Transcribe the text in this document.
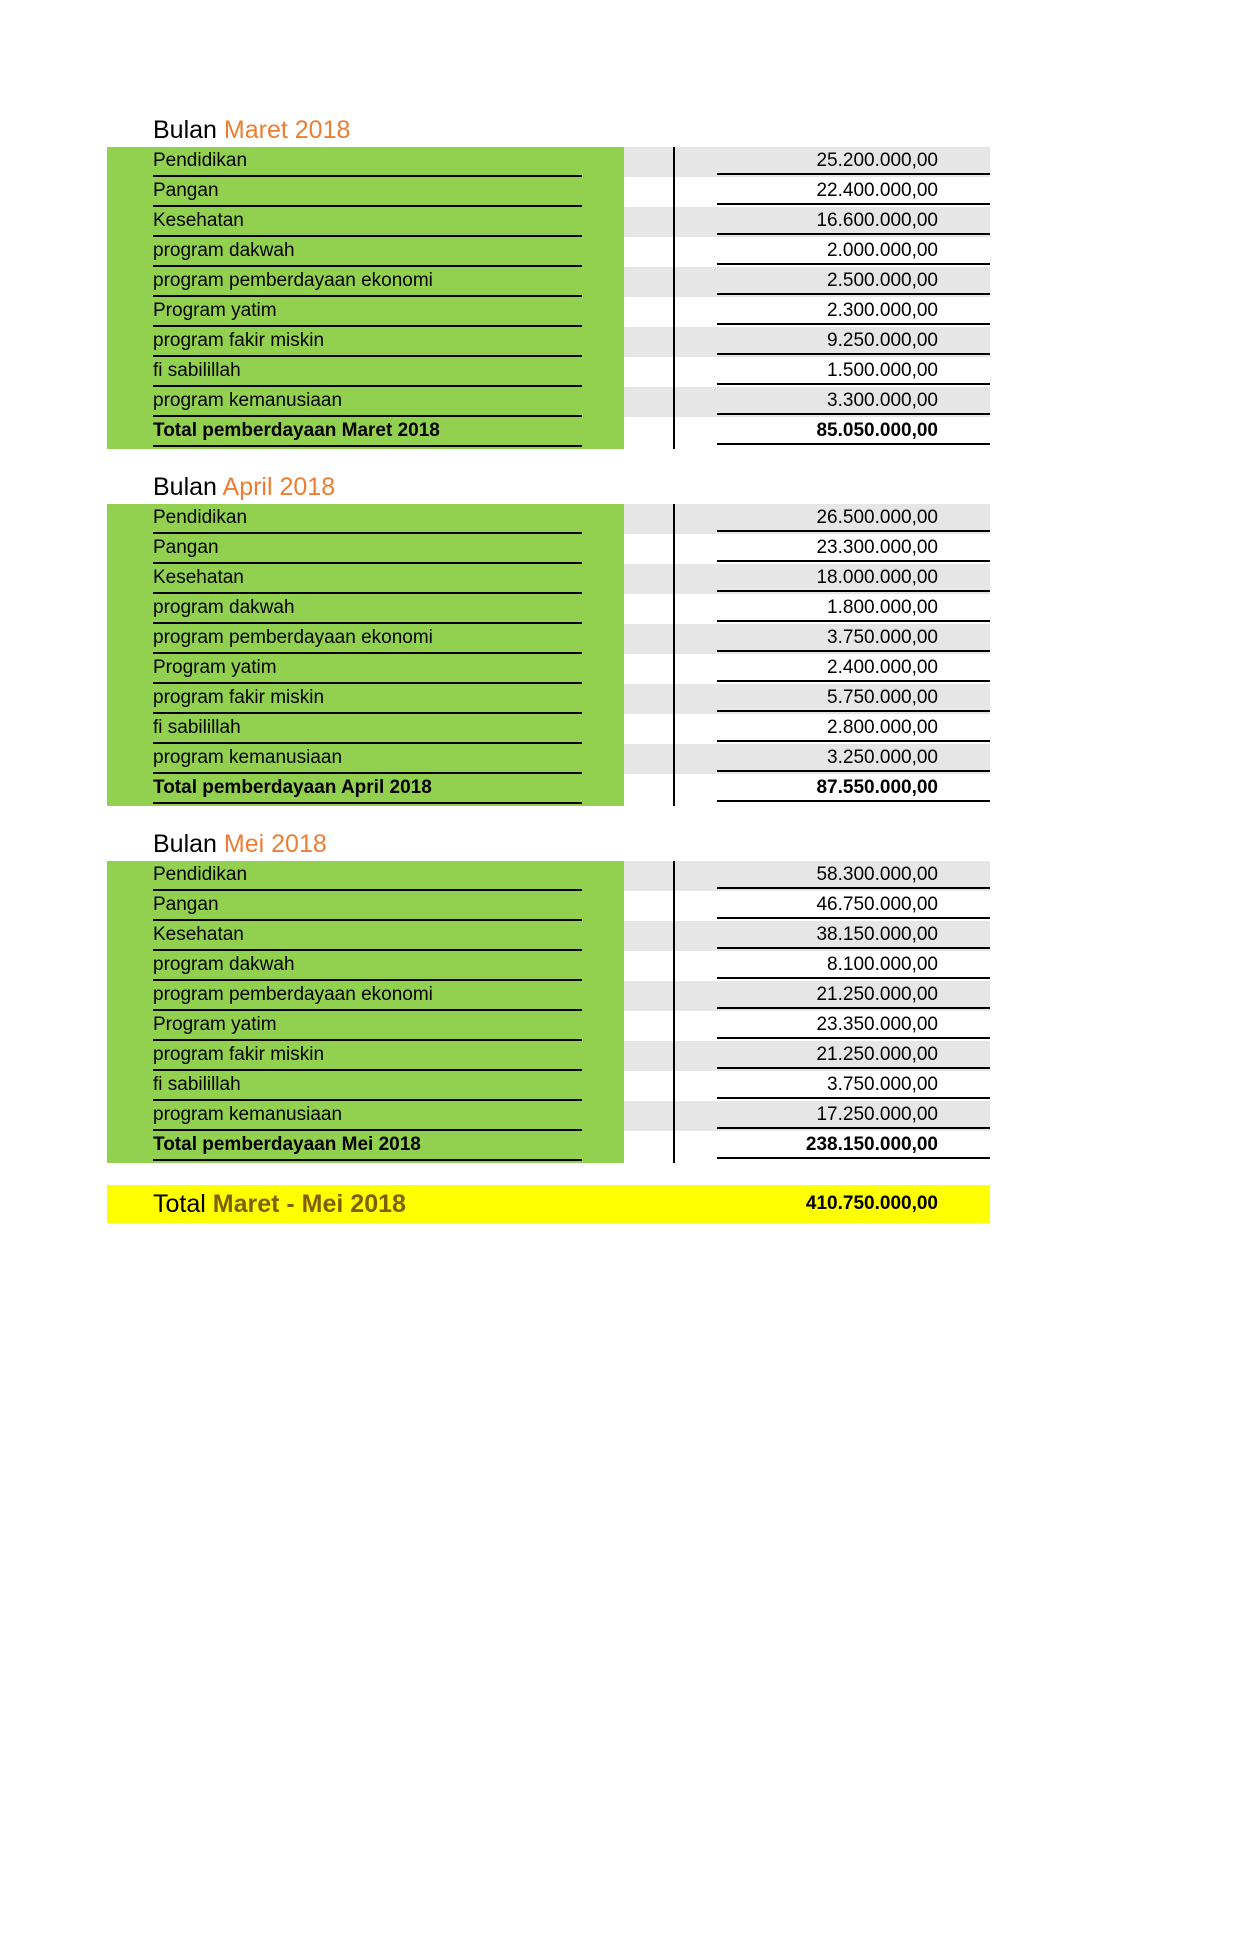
Bulan Maret 2018
Pendidikan	25.200.000,00
Pangan	22.400.000,00
Kesehatan	16.600.000,00
program dakwah	2.000.000,00
program pemberdayaan ekonomi	2.500.000,00
Program yatim	2.300.000,00
program fakir miskin	9.250.000,00
fi sabilillah	1.500.000,00
program kemanusiaan	3.300.000,00
Total pemberdayaan Maret 2018	85.050.000,00
Bulan April 2018
Pendidikan	26.500.000,00
Pangan	23.300.000,00
Kesehatan	18.000.000,00
program dakwah	1.800.000,00
program pemberdayaan ekonomi	3.750.000,00
Program yatim	2.400.000,00
program fakir miskin	5.750.000,00
fi sabilillah	2.800.000,00
program kemanusiaan	3.250.000,00
Total pemberdayaan April 2018	87.550.000,00
Bulan Mei 2018
Pendidikan	58.300.000,00
Pangan	46.750.000,00
Kesehatan	38.150.000,00
program dakwah	8.100.000,00
program pemberdayaan ekonomi	21.250.000,00
Program yatim	23.350.000,00
program fakir miskin	21.250.000,00
fi sabilillah	3.750.000,00
program kemanusiaan	17.250.000,00
Total pemberdayaan Mei 2018	238.150.000,00
Total Maret - Mei 2018	410.750.000,00
